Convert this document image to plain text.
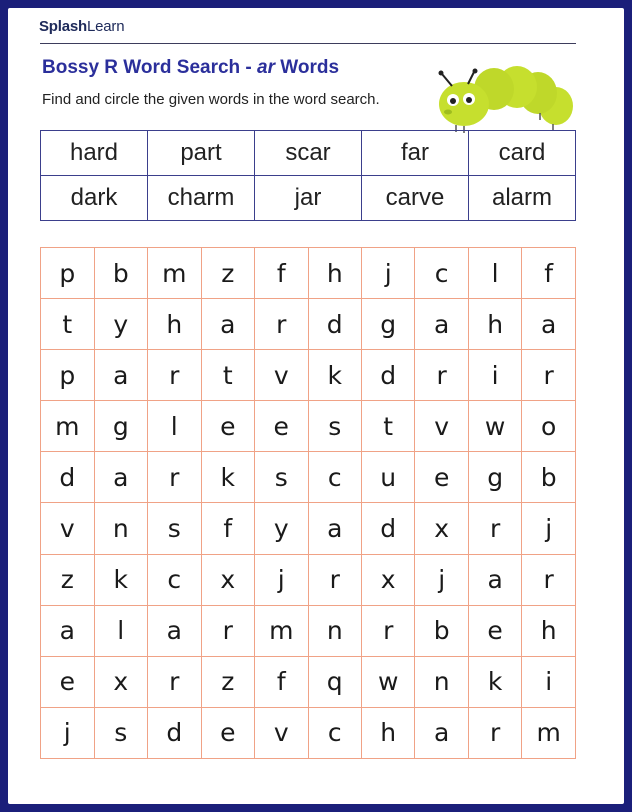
SplashLearn
Bossy R Word Search - ar Words
Find and circle the given words in the word search.
hard	part	scar	far	card
dark	charm	jar	carve	alarm
p	b	m	z	f	h	j	c	l	f
t	y	h	a	r	d	g	a	h	a
p	a	r	t	v	k	d	r	i	r
m	g	l	e	e	s	t	v	w	o
d	a	r	k	s	c	u	e	g	b
v	n	s	f	y	a	d	x	r	j
z	k	c	x	j	r	x	j	a	r
a	l	a	r	m	n	r	b	e	h
e	x	r	z	f	q	w	n	k	i
j	s	d	e	v	c	h	a	r	m
